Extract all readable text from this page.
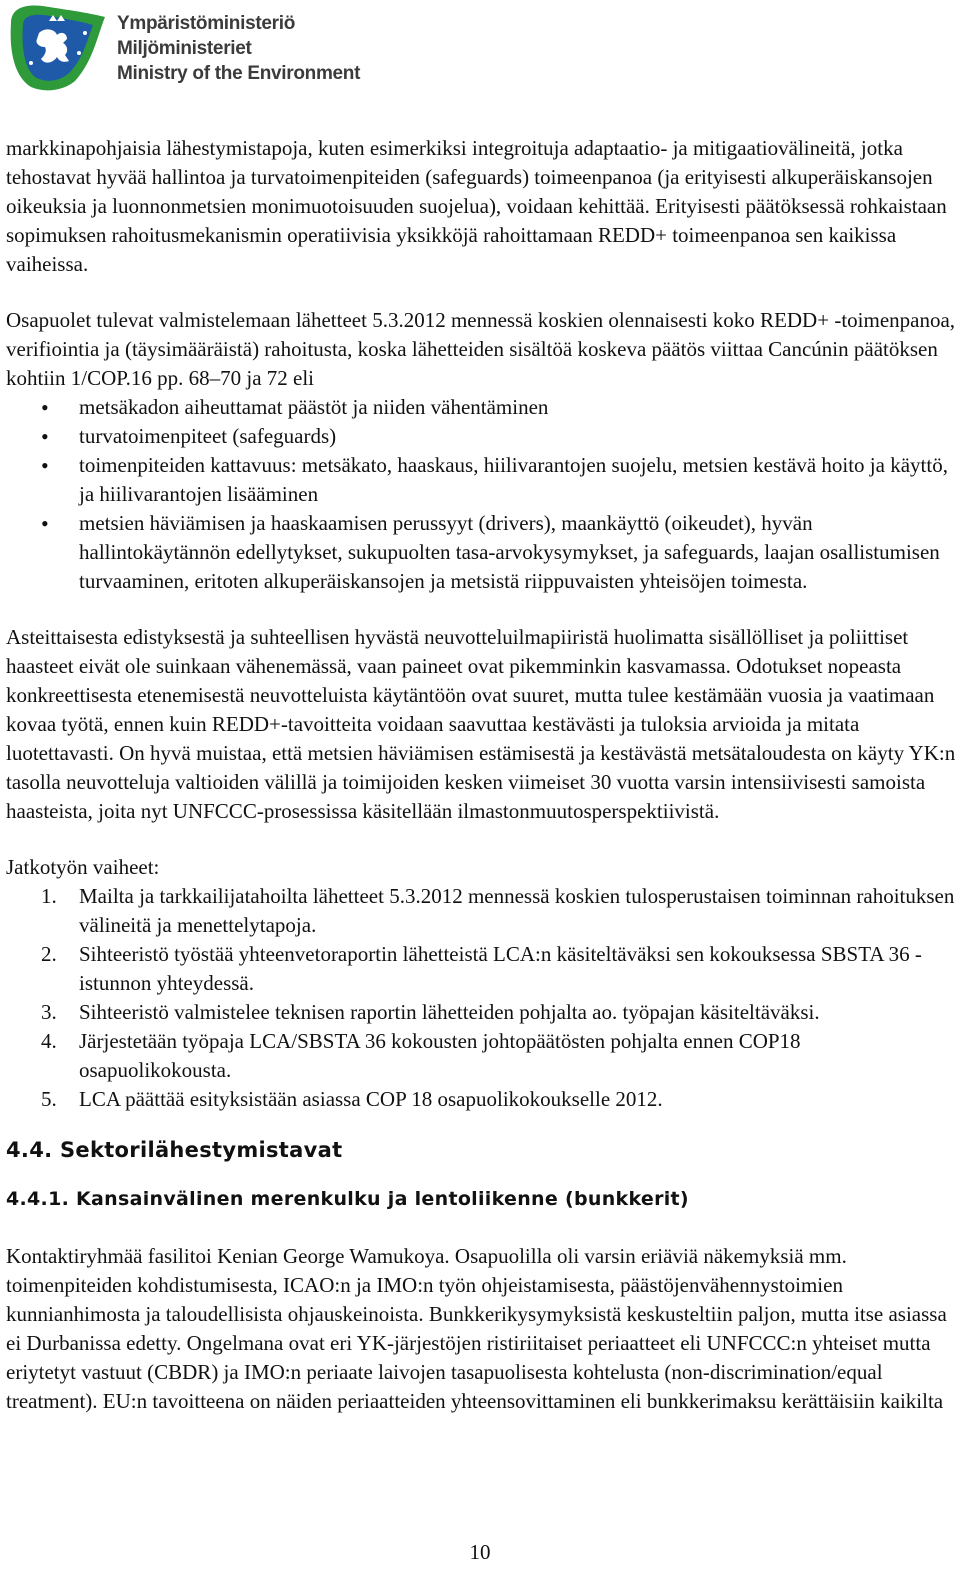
Ympäristöministeriö
Miljöministeriet
Ministry of the Environment

markkinapohjaisia lähestymistapoja, kuten esimerkiksi integroituja adaptaatio- ja mitigaatiovälineitä, jotka tehostavat hyvää hallintoa ja turvatoimenpiteiden (safeguards) toimeenpanoa (ja erityisesti alkuperäiskansojen oikeuksia ja luonnonmetsien monimuotoisuuden suojelua), voidaan kehittää. Erityisesti päätöksessä rohkaistaan sopimuksen rahoitusmekanismin operatiivisia yksikköjä rahoittamaan REDD+ toimeenpanoa sen kaikissa vaiheissa.

Osapuolet tulevat valmistelemaan lähetteet 5.3.2012 mennessä koskien olennaisesti koko REDD+ -toimenpanoa, verifiointia ja (täysimääräistä) rahoitusta, koska lähetteiden sisältöä koskeva päätös viittaa Cancúnin päätöksen kohtiin 1/COP.16 pp. 68–70 ja 72 eli

• metsäkadon aiheuttamat päästöt ja niiden vähentäminen
• turvatoimenpiteet (safeguards)
• toimenpiteiden kattavuus: metsäkato, haaskaus, hiilivarantojen suojelu, metsien kestävä hoito ja käyttö, ja hiilivarantojen lisääminen
• metsien häviämisen ja haaskaamisen perussyyt (drivers), maankäyttö (oikeudet), hyvän hallintokäytännön edellytykset, sukupuolten tasa-arvokysymykset, ja safeguards, laajan osallistumisen turvaaminen, eritoten alkuperäiskansojen ja metsistä riippuvaisten yhteisöjen toimesta.

Asteittaisesta edistyksestä ja suhteellisen hyvästä neuvotteluilmapiiristä huolimatta sisällölliset ja poliittiset haasteet eivät ole suinkaan vähenemässä, vaan paineet ovat pikemminkin kasvamassa. Odotukset nopeasta konkreettisesta etenemisestä neuvotteluista käytäntöön ovat suuret, mutta tulee kestämään vuosia ja vaatimaan kovaa työtä, ennen kuin REDD+-tavoitteita voidaan saavuttaa kestävästi ja tuloksia arvioida ja mitata luotettavasti. On hyvä muistaa, että metsien häviämisen estämisestä ja kestävästä metsätaloudesta on käyty YK:n tasolla neuvotteluja valtioiden välillä ja toimijoiden kesken viimeiset 30 vuotta varsin intensiivisesti samoista haasteista, joita nyt UNFCCC-prosessissa käsitellään ilmastonmuutosperspektiivistä.

Jatkotyön vaiheet:

1. Mailta ja tarkkailijatahoilta lähetteet 5.3.2012 mennessä koskien tulosperustaisen toiminnan rahoituksen välineitä ja menettelytapoja.
2. Sihteeristö työstää yhteenvetoraportin lähetteistä LCA:n käsiteltäväksi sen kokouksessa SBSTA 36 -istunnon yhteydessä.
3. Sihteeristö valmistelee teknisen raportin lähetteiden pohjalta ao. työpajan käsiteltäväksi.
4. Järjestetään työpaja LCA/SBSTA 36 kokousten johtopäätösten pohjalta ennen COP18 osapuolikokousta.
5. LCA päättää esityksistään asiassa COP 18 osapuolikokoukselle 2012.
4.4. Sektorilähestymistavat
4.4.1. Kansainvälinen merenkulku ja lentoliikenne (bunkkerit)

Kontaktiryhmää fasilitoi Kenian George Wamukoya. Osapuolilla oli varsin eriäviä näkemyksiä mm. toimenpiteiden kohdistumisesta, ICAO:n ja IMO:n työn ohjeistamisesta, päästöjenvähennystoimien kunnianhimosta ja taloudellisista ohjauskeinoista. Bunkkerikysymyksistä keskusteltiin paljon, mutta itse asiassa ei Durbanissa edetty. Ongelmana ovat eri YK-järjestöjen ristiriitaiset periaatteet eli UNFCCC:n yhteiset mutta eriytetyt vastuut (CBDR) ja IMO:n periaate laivojen tasapuolisesta kohtelusta (non-discrimination/equal treatment). EU:n tavoitteena on näiden periaatteiden yhteensovittaminen eli bunkkerimaksu kerättäisiin kaikilta

10
